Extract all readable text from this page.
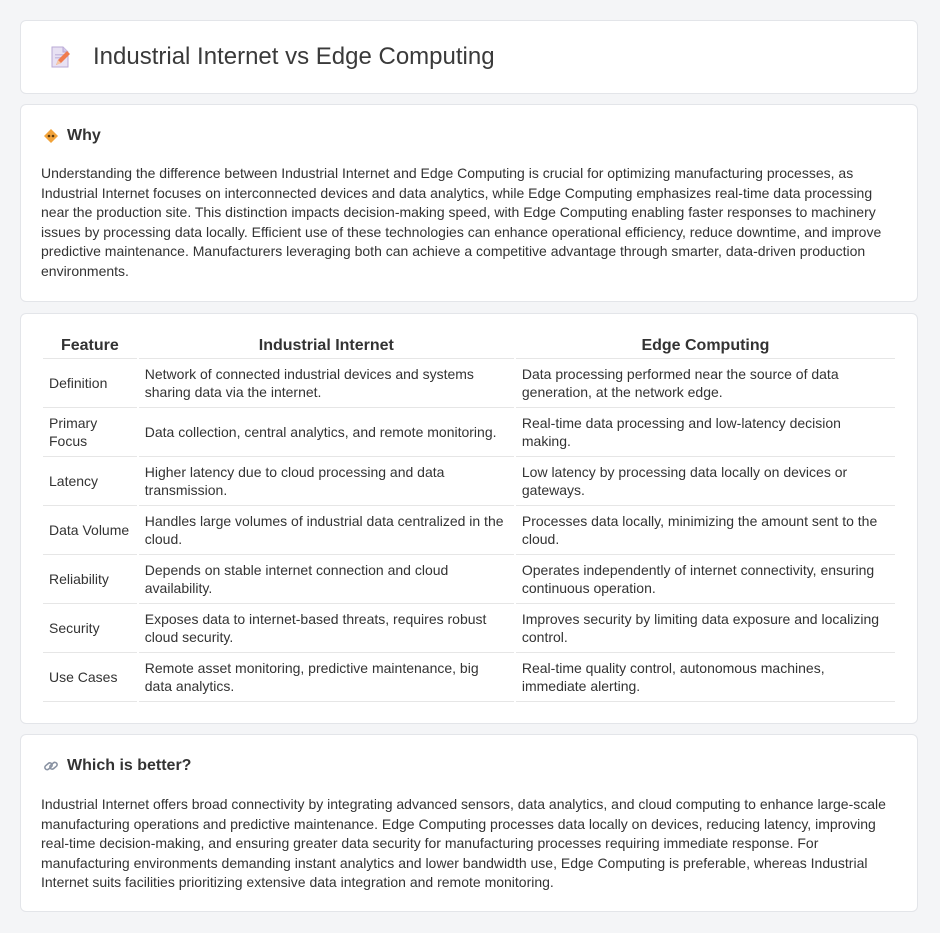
Industrial Internet vs Edge Computing
Why
Understanding the difference between Industrial Internet and Edge Computing is crucial for optimizing manufacturing processes, as Industrial Internet focuses on interconnected devices and data analytics, while Edge Computing emphasizes real-time data processing near the production site. This distinction impacts decision-making speed, with Edge Computing enabling faster responses to machinery issues by processing data locally. Efficient use of these technologies can enhance operational efficiency, reduce downtime, and improve predictive maintenance. Manufacturers leveraging both can achieve a competitive advantage through smarter, data-driven production environments.
Feature	Industrial Internet	Edge Computing
Definition	Network of connected industrial devices and systems sharing data via the internet.	Data processing performed near the source of data generation, at the network edge.
Primary Focus	Data collection, central analytics, and remote monitoring.	Real-time data processing and low-latency decision making.
Latency	Higher latency due to cloud processing and data transmission.	Low latency by processing data locally on devices or gateways.
Data Volume	Handles large volumes of industrial data centralized in the cloud.	Processes data locally, minimizing the amount sent to the cloud.
Reliability	Depends on stable internet connection and cloud availability.	Operates independently of internet connectivity, ensuring continuous operation.
Security	Exposes data to internet-based threats, requires robust cloud security.	Improves security by limiting data exposure and localizing control.
Use Cases	Remote asset monitoring, predictive maintenance, big data analytics.	Real-time quality control, autonomous machines, immediate alerting.
Which is better?
Industrial Internet offers broad connectivity by integrating advanced sensors, data analytics, and cloud computing to enhance large-scale manufacturing operations and predictive maintenance. Edge Computing processes data locally on devices, reducing latency, improving real-time decision-making, and ensuring greater data security for manufacturing processes requiring immediate response. For manufacturing environments demanding instant analytics and lower bandwidth use, Edge Computing is preferable, whereas Industrial Internet suits facilities prioritizing extensive data integration and remote monitoring.
